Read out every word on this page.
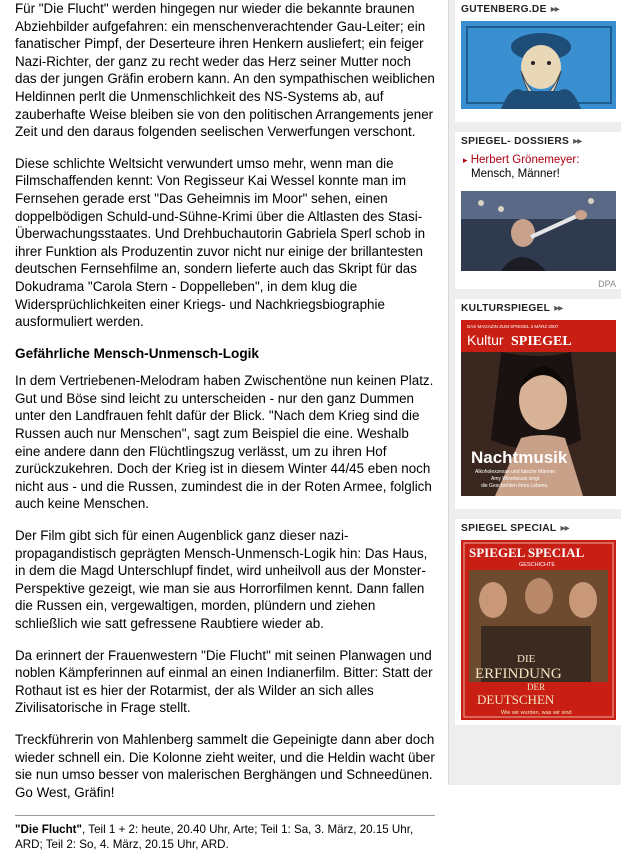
Für "Die Flucht" werden hingegen nur wieder die bekannte braunen Abziehbilder aufgefahren: ein menschenverachtender Gau-Leiter; ein fanatischer Pimpf, der Deserteure ihren Henkern ausliefert; ein feiger Nazi-Richter, der ganz zu recht weder das Herz seiner Mutter noch das der jungen Gräfin erobern kann. An den sympathischen weiblichen Heldinnen perlt die Unmenschlichkeit des NS-Systems ab, auf zauberhafte Weise bleiben sie von den politischen Arrangements jener Zeit und den daraus folgenden seelischen Verwerfungen verschont.

Diese schlichte Weltsicht verwundert umso mehr, wenn man die Filmschaffenden kennt: Von Regisseur Kai Wessel konnte man im Fernsehen gerade erst "Das Geheimnis im Moor" sehen, einen doppelbödigen Schuld-und-Sühne-Krimi über die Altlasten des Stasi-Überwachungsstaates. Und Drehbuchautorin Gabriela Sperl schob in ihrer Funktion als Produzentin zuvor nicht nur einige der brillantesten deutschen Fernsehfilme an, sondern lieferte auch das Skript für das Dokudrama "Carola Stern - Doppelleben", in dem klug die Widersprüchlichkeiten einer Kriegs- und Nachkriegsbiographie ausformuliert werden.

Gefährliche Mensch-Unmensch-Logik

In dem Vertriebenen-Melodram haben Zwischentöne nun keinen Platz. Gut und Böse sind leicht zu unterscheiden - nur den ganz Dummen unter den Landfrauen fehlt dafür der Blick. "Nach dem Krieg sind die Russen auch nur Menschen", sagt zum Beispiel die eine. Weshalb eine andere dann den Flüchtlingszug verlässt, um zu ihren Hof zurückzukehren. Doch der Krieg ist in diesem Winter 44/45 eben noch nicht aus - und die Russen, zumindest die in der Roten Armee, folglich auch keine Menschen.

Der Film gibt sich für einen Augenblick ganz dieser nazi-propagandistisch geprägten Mensch-Unmensch-Logik hin: Das Haus, in dem die Magd Unterschlupf findet, wird unheilvoll aus der Monster-Perspektive gezeigt, wie man sie aus Horrorfilmen kennt. Dann fallen die Russen ein, vergewaltigen, morden, plündern und ziehen schließlich wie satt gefressene Raubtiere wieder ab.

Da erinnert der Frauenwestern "Die Flucht" mit seinen Planwagen und noblen Kämpferinnen auf einmal an einen Indianerfilm. Bitter: Statt der Rothaut ist es hier der Rotarmist, der als Wilder an sich alles Zivilisatorische in Frage stellt.

Treckführerin von Mahlenberg sammelt die Gepeinigte dann aber doch wieder schnell ein. Die Kolonne zieht weiter, und die Heldin wacht über sie nun umso besser von malerischen Berghängen und Schneedünen. Go West, Gräfin!

"Die Flucht", Teil 1 + 2: heute, 20.40 Uhr, Arte; Teil 1: Sa, 3. März, 20.15 Uhr, ARD; Teil 2: So, 4. März, 20.15 Uhr, ARD.
GUTENBERG.DE ▸▸
SPIEGEL- DOSSIERS ▸▸
▸ Herbert Grönemeyer:
Mensch, Männer!
DPA
KULTURSPIEGEL ▸▸
DAS MAGAZIN ZUM SPIEGEL 3 MÄRZ 2007
Kultur SPIEGEL
Nachtmusik
Alkoholexzesse und falsche Männer:
Amy Winehouse singt
die Geschichten ihres Lebens.
SPIEGEL SPECIAL ▸▸
SPIEGEL SPECIAL
GESCHICHTE
DIE
ERFINDUNG
DER
DEUTSCHEN
Wie wir wurden, was wir sind
